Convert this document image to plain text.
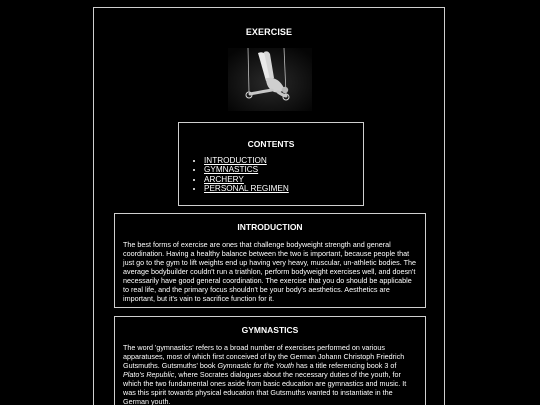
EXERCISE
CONTENTS
• INTRODUCTION
• GYMNASTICS
• ARCHERY
• PERSONAL REGIMEN
INTRODUCTION

The best forms of exercise are ones that challenge bodyweight strength and general coordination. Having a healthy balance between the two is important, because people that just go to the gym to lift weights end up having very heavy, muscular, un-athletic bodies. The average bodybuilder couldn't run a triathlon, perform bodyweight exercises well, and doesn't necessarily have good general coordination. The exercise that you do should be applicable to real life, and the primary focus shouldn't be your body's aesthetics. Aesthetics are important, but it's vain to sacrifice function for it.

GYMNASTICS

The word 'gymnastics' refers to a broad number of exercises performed on various apparatuses, most of which first conceived of by the German Johann Christoph Friedrich Gutsmuths. Gutsmuths' book Gymnastic for the Youth has a title referencing book 3 of Plato's Republic, where Socrates dialogues about the necessary duties of the youth, for which the two fundamental ones aside from basic education are gymnastics and music. It was this spirit towards physical education that Gutsmuths wanted to instantiate in the German youth.
